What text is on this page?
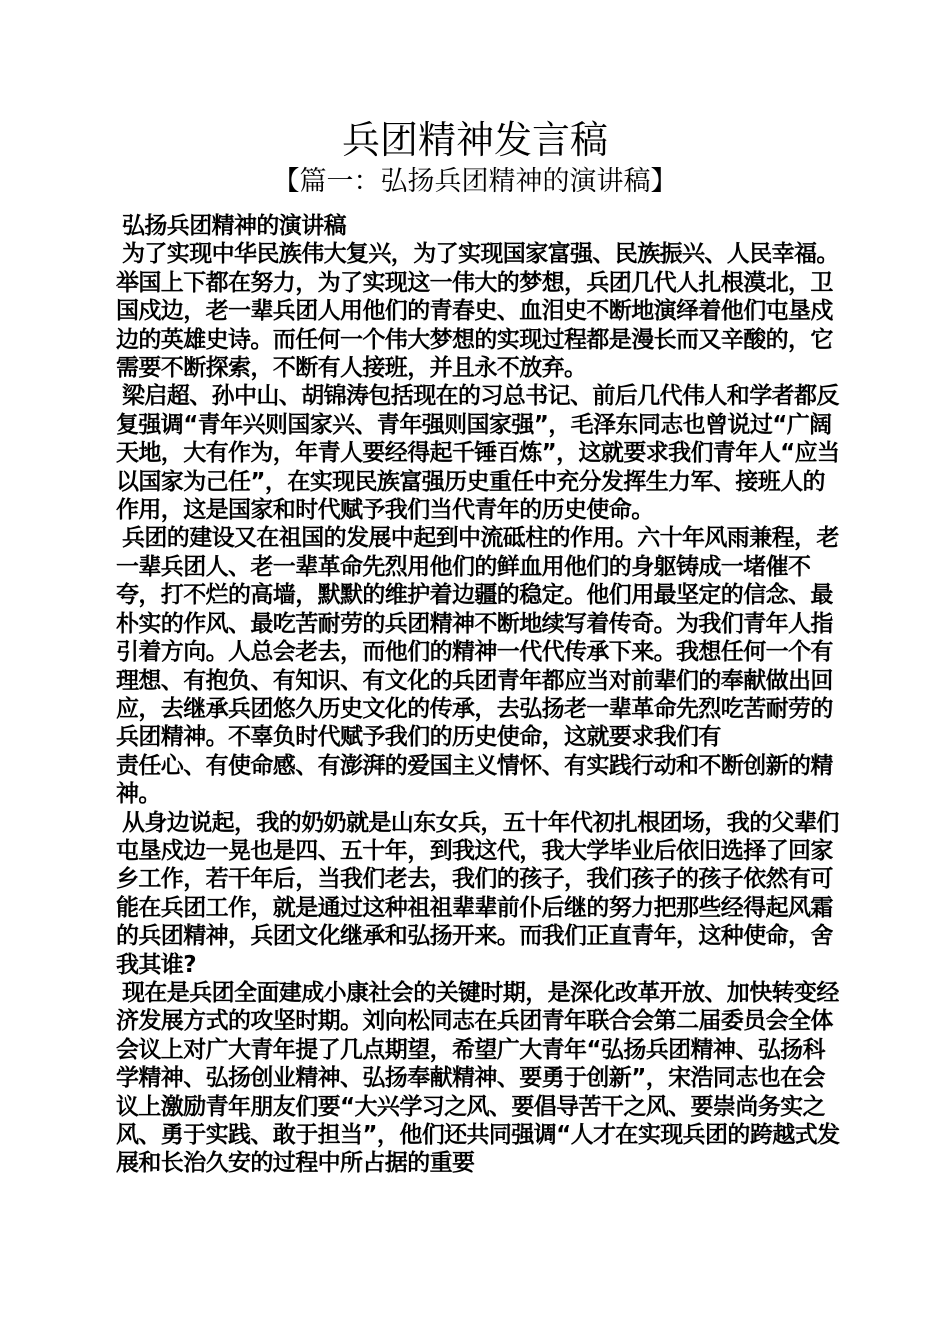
兵团精神发言稿
【篇一：弘扬兵团精神的演讲稿】

弘扬兵团精神的演讲稿

为了实现中华民族伟大复兴，为了实现国家富强、民族振兴、人民幸福。举国上下都在努力，为了实现这一伟大的梦想，兵团几代人扎根漠北，卫国戍边，老一辈兵团人用他们的青春史、血泪史不断地演绎着他们屯垦戍边的英雄史诗。而任何一个伟大梦想的实现过程都是漫长而又辛酸的，它需要不断探索，不断有人接班，并且永不放弃。

梁启超、孙中山、胡锦涛包括现在的习总书记、前后几代伟人和学者都反复强调“青年兴则国家兴、青年强则国家强”，毛泽东同志也曾说过“广阔天地，大有作为，年青人要经得起千锤百炼”，这就要求我们青年人“应当以国家为己任”，在实现民族富强历史重任中充分发挥生力军、接班人的作用，这是国家和时代赋予我们当代青年的历史使命。

兵团的建设又在祖国的发展中起到中流砥柱的作用。六十年风雨兼程，老一辈兵团人、老一辈革命先烈用他们的鲜血用他们的身躯铸成一堵催不夸，打不烂的高墙，默默的维护着边疆的稳定。他们用最坚定的信念、最朴实的作风、最吃苦耐劳的兵团精神不断地续写着传奇。为我们青年人指引着方向。人总会老去，而他们的精神一代代传承下来。我想任何一个有理想、有抱负、有知识、有文化的兵团青年都应当对前辈们的奉献做出回应，去继承兵团悠久历史文化的传承，去弘扬老一辈革命先烈吃苦耐劳的兵团精神。不辜负时代赋予我们的历史使命，这就要求我们有

责任心、有使命感、有澎湃的爱国主义情怀、有实践行动和不断创新的精神。

从身边说起，我的奶奶就是山东女兵，五十年代初扎根团场，我的父辈们屯垦戍边一晃也是四、五十年，到我这代，我大学毕业后依旧选择了回家乡工作，若干年后，当我们老去，我们的孩子，我们孩子的孩子依然有可能在兵团工作，就是通过这种祖祖辈辈前仆后继的努力把那些经得起风霜的兵团精神，兵团文化继承和弘扬开来。而我们正直青年，这种使命，舍我其谁?

现在是兵团全面建成小康社会的关键时期，是深化改革开放、加快转变经济发展方式的攻坚时期。刘向松同志在兵团青年联合会第二届委员会全体会议上对广大青年提了几点期望，希望广大青年“弘扬兵团精神、弘扬科学精神、弘扬创业精神、弘扬奉献精神、要勇于创新”，宋浩同志也在会议上激励青年朋友们要“大兴学习之风、要倡导苦干之风、要崇尚务实之风、勇于实践、敢于担当”，他们还共同强调“人才在实现兵团的跨越式发展和长治久安的过程中所占据的重要
